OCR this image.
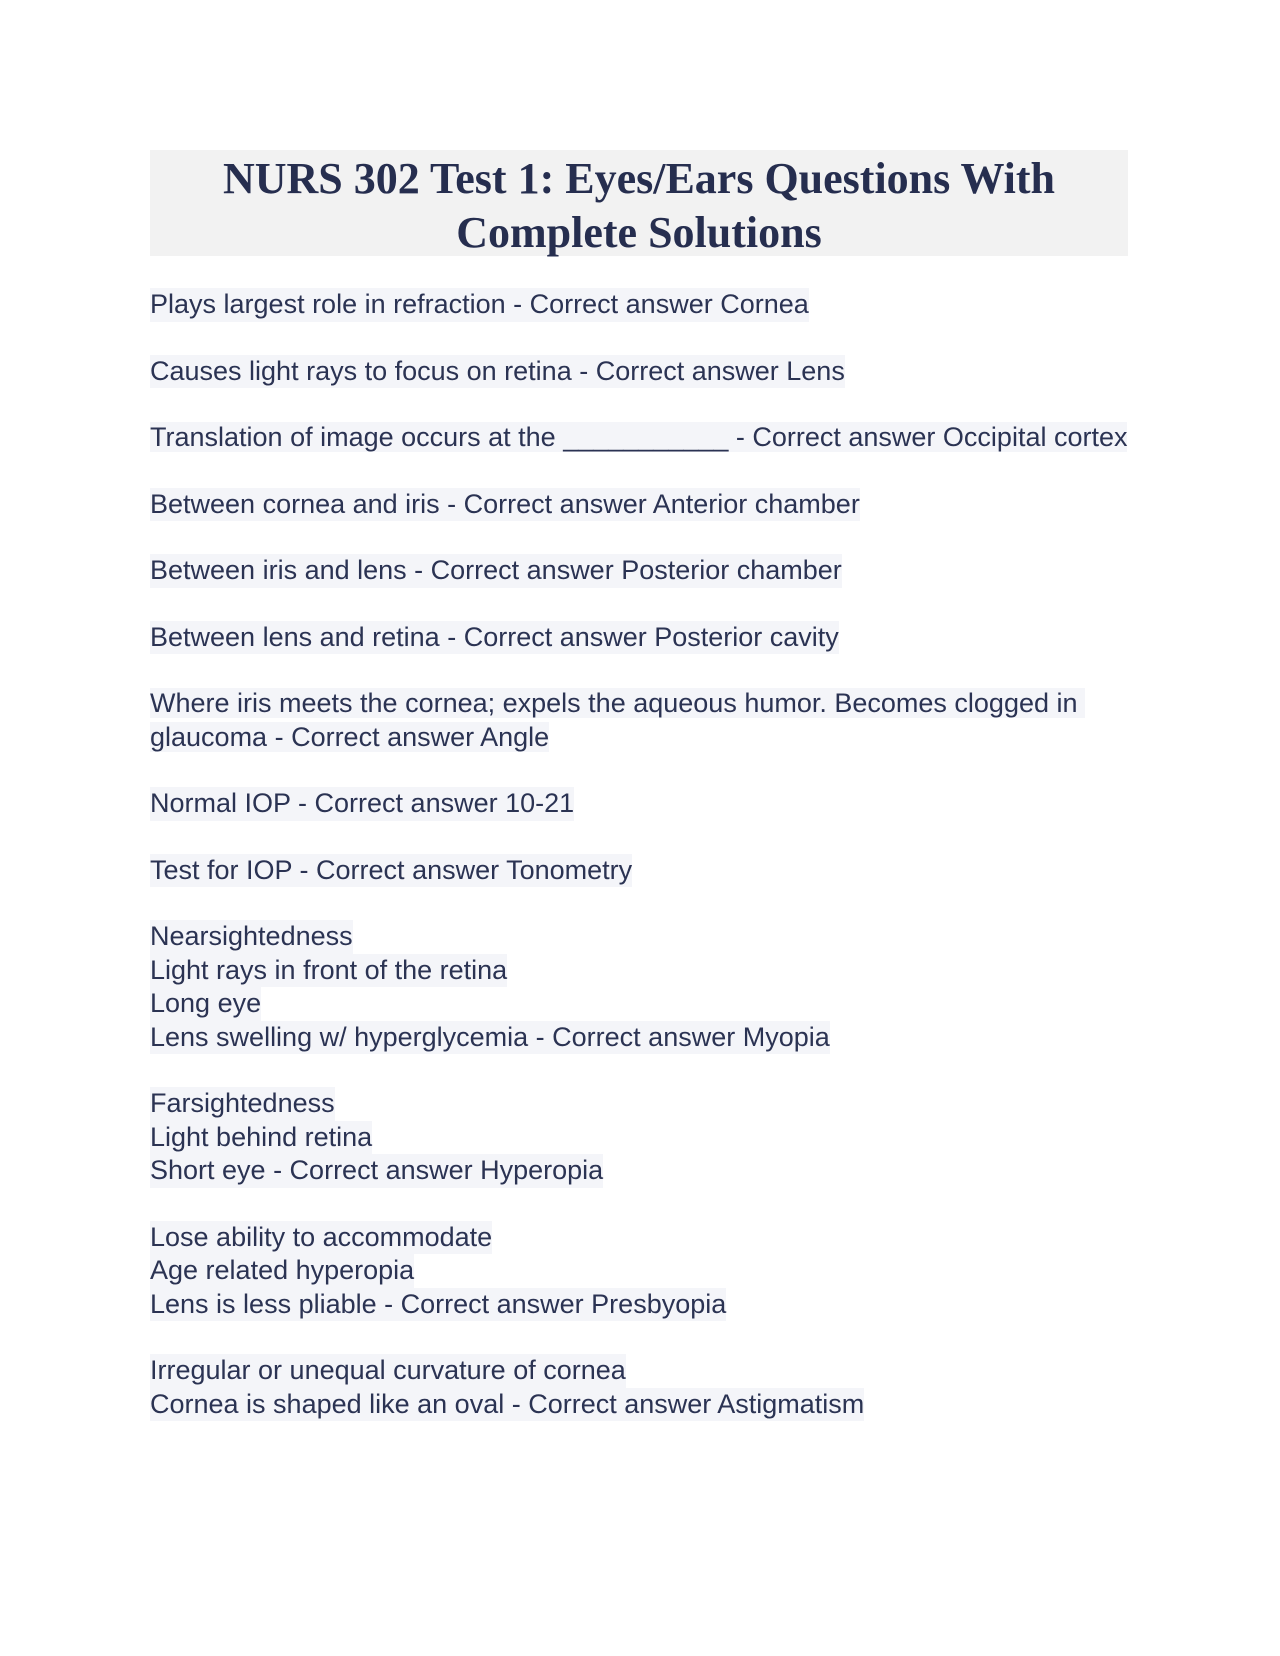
NURS 302 Test 1: Eyes/Ears Questions With Complete Solutions
Plays largest role in refraction - Correct answer Cornea
Causes light rays to focus on retina - Correct answer Lens
Translation of image occurs at the ___________ - Correct answer Occipital cortex
Between cornea and iris - Correct answer Anterior chamber
Between iris and lens - Correct answer Posterior chamber
Between lens and retina - Correct answer Posterior cavity
Where iris meets the cornea; expels the aqueous humor. Becomes clogged in glaucoma - Correct answer Angle
Normal IOP - Correct answer 10-21
Test for IOP - Correct answer Tonometry
Nearsightedness
Light rays in front of the retina
Long eye
Lens swelling w/ hyperglycemia - Correct answer Myopia
Farsightedness
Light behind retina
Short eye - Correct answer Hyperopia
Lose ability to accommodate
Age related hyperopia
Lens is less pliable - Correct answer Presbyopia
Irregular or unequal curvature of cornea
Cornea is shaped like an oval - Correct answer Astigmatism
